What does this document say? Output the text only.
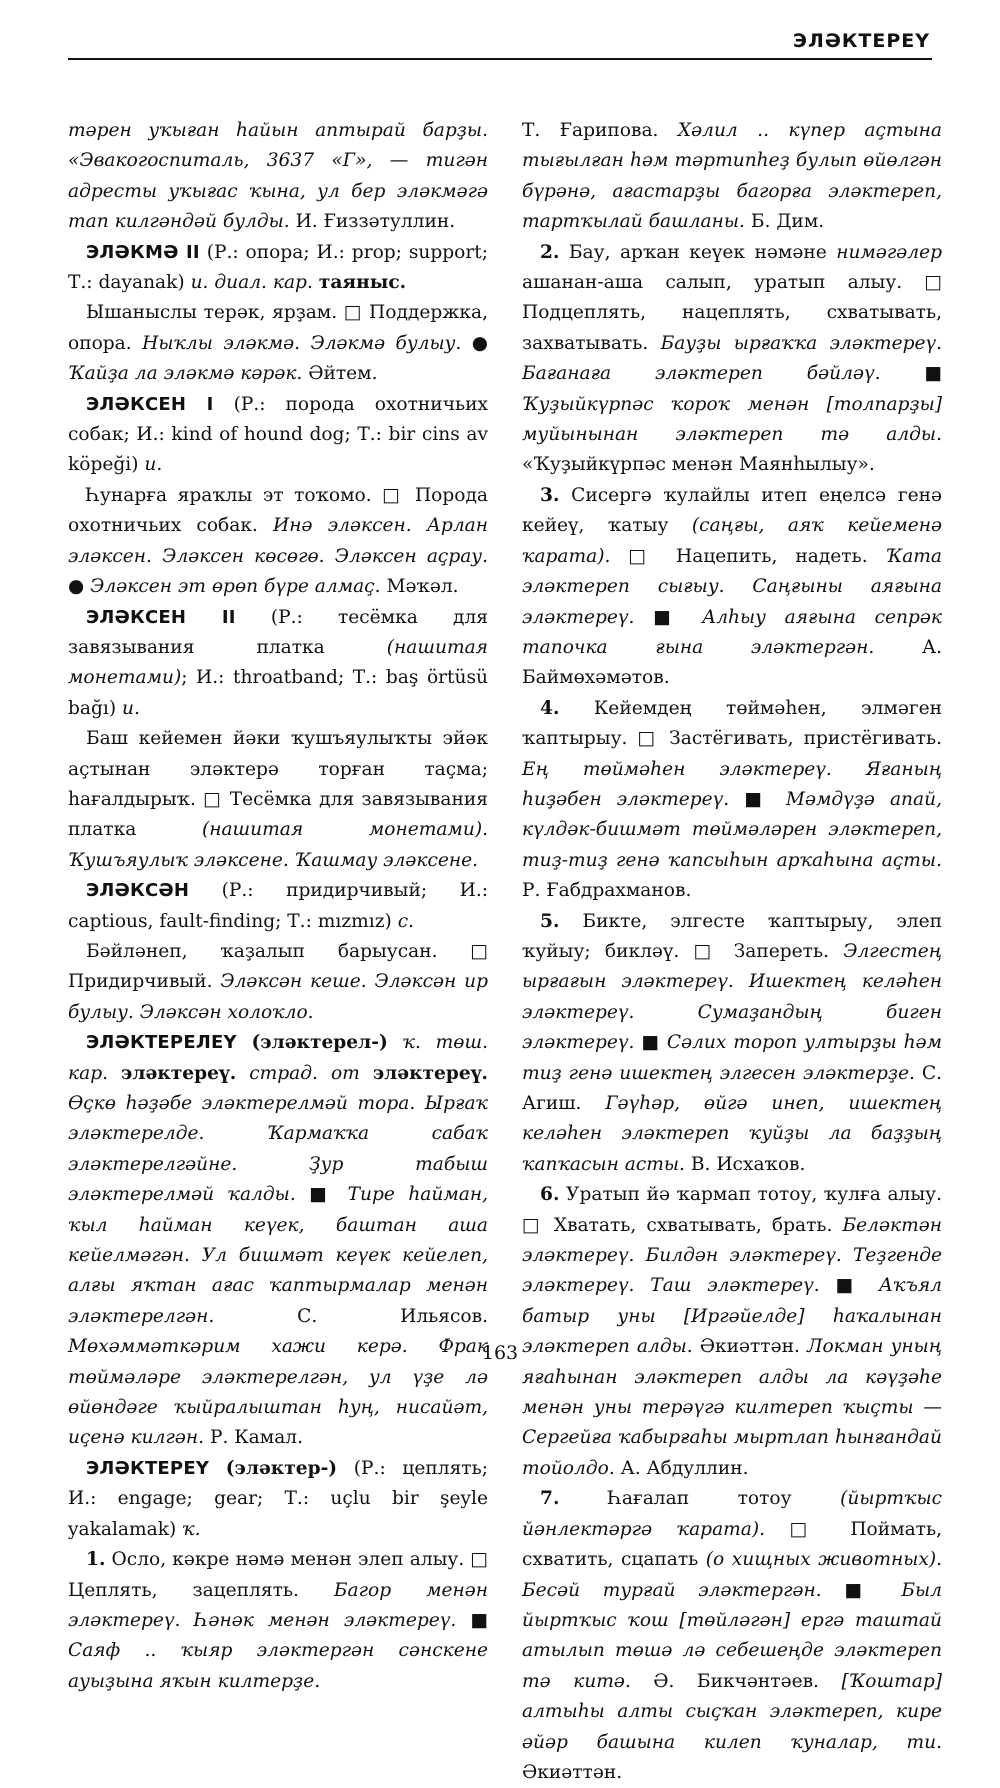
ЭЛӘКТЕРЕҮ

тәрен уҡыған һайын аптырай барҙы. «Эвакогоспиталь, 3637 «Г», — тигән адресты уҡығас ҡына, ул бер эләкмәгә тап килгәндәй булды. И. Ғиззәтуллин.

ЭЛӘКМӘ II (Р.: опора; И.: prop; support; Т.: dayanak) и. диал. кар. таяныс.

Ышаныслы терәк, ярҙам. □ Поддержка, опора. Ныҡлы эләкмә. Эләкмә булыу. ● Ҡайҙа ла эләкмә кәрәк. Әйтем.

ЭЛӘКСЕН I (Р.: порода охотничьих собак; И.: kind of hound dog; Т.: bir cins av köpeği) и.

Һунарға яраҡлы эт тоҡомо. □ Порода охотничьих собак. Инә эләксен. Арлан эләксен. Эләксен көсөгө. Эләксен аҫрау. ● Эләксен эт өрөп бүре алмаҫ. Мәҡәл.

ЭЛӘКСЕН II (Р.: тесёмка для завязывания платка (нашитая монетами); И.: throatband; Т.: baş örtüsü bağı) и.

Баш кейемен йәки ҡушъяулыҡты эйәк аҫтынан эләктерә торған таҫма; һағалдырыҡ. □ Тесёмка для завязывания платка (нашитая монетами). Ҡушъяулыҡ эләксене. Ҡашмау эләксене.

ЭЛӘКСӘН (Р.: придирчивый; И.: captious, fault-finding; Т.: mızmız) с.

Бәйләнеп, ҡаҙалып барыусан. □ Придирчивый. Эләксән кеше. Эләксән ир булыу. Эләксән холоҡло.

ЭЛӘКТЕРЕЛЕҮ (эләктерел-) ҡ. төш. кар. эләктереү. страд. от эләктереү. Өҫкө һәҙәбе эләктерелмәй тора. Ырғаҡ эләктерелде. Ҡармаҡҡа сабаҡ эләктерелгәйне. Ҙур табыш эләктерелмәй ҡалды. ■ Тире һайман, ҡыл һайман кеүек, баштан аша кейелмәгән. Ул бишмәт кеүек кейелеп, алғы яҡтан ағас ҡаптырмалар менән эләктерелгән. С. Ильясов. Мөхәммәткәрим хажи керә. Фрак төймәләре эләктерелгән, ул үҙе лә өйөндәге ҡыйралыштан һуң, нисайәт, иҫенә килгән. Р. Камал.

ЭЛӘКТЕРЕҮ (эләктер-) (Р.: цеплять; И.: engage; gear; Т.: uçlu bir şeyle yakalamak) ҡ.

1. Осло, кәкре нәмә менән элеп алыу. □ Цеплять, зацеплять. Багор менән эләктереү. Һәнәк менән эләктереү. ■ Саяф .. ҡыяр эләктергән сәнскене ауыҙына яҡын килтерҙе.

Т. Ғарипова. Хәлил .. күпер аҫтына тығылған һәм тәртипһеҙ булып өйөлгән бүрәнә, ағастарҙы багорға эләктереп, тартҡылай башланы. Б. Дим.

2. Бау, арҡан кеүек нәмәне нимәгәлер ашанан-аша салып, уратып алыу. □ Подцеплять, нацеплять, схватывать, захватывать. Бауҙы ырғаҡҡа эләктереү. Бағанаға эләктереп бәйләү. ■ Ҡуҙыйкүрпәс ҡороҡ менән [толпарҙы] муйынынан эләктереп тә алды. «Ҡуҙыйкүрпәс менән Маянһылыу».

3. Сисергә ҡулайлы итеп еңелсә генә кейеү, ҡатыу (саңғы, аяҡ кейеменә ҡарата). □ Нацепить, надеть. Ҡата эләктереп сығыу. Саңғыны аяғына эләктереү. ■ Алһыу аяғына сепрәк тапочка ғына эләктергән. А. Баймөхәмәтов.

4. Кейемдең төймәһен, элмәген ҡаптырыу. □ Застёгивать, пристёгивать. Ең төймәһен эләктереү. Яғаның һиҙәбен эләктереү. ■ Мәмдүҙә апай, күлдәк-бишмәт төймәләрен эләктереп, тиҙ-тиҙ генә ҡапсыһын арҡаһына аҫты. Р. Ғабдрахманов.

5. Бикте, элгесте ҡаптырыу, элеп ҡуйыу; бикләү. □ Запереть. Элгестең ырғағын эләктереү. Ишектең келәһен эләктереү. Сумаҙандың биген эләктереү. ■ Сәлих тороп ултырҙы һәм тиҙ генә ишектең элгесен эләктерҙе. С. Агиш. Гәүһәр, өйгә инеп, ишектең келәһен эләктереп ҡуйҙы ла баҙҙың ҡапҡасын асты. В. Исхаҡов.

6. Уратып йә ҡармап тотоу, ҡулға алыу. □ Хватать, схватывать, брать. Беләктән эләктереү. Билдән эләктереү. Теҙгенде эләктереү. Таш эләктереү. ■ Аҡъял батыр уны [Иргәйелде] һаҡалынан эләктереп алды. Әкиәттән. Локман уның яғаһынан эләктереп алды ла кәүҙәһе менән уны терәүгә килтереп ҡыҫты — Сергейға ҡабырғаһы мыртлап һынғандай тойолдо. А. Абдуллин.

7. Һағалап тотоу (йыртҡыс йәнлектәргә ҡарата). □ Поймать, схватить, сцапать (о хищных животных). Бесәй турғай эләктергән. ■ Был йыртҡыс ҡош [төйләгән] ергә таштай атылып төшә лә себешеңде эләктереп тә китә. Ә. Бикчәнтәев. [Ҡоштар] алтыһы алты сыҫҡан эләктереп, кире әйәр башына килеп ҡуналар, ти. Әкиәттән.

163
